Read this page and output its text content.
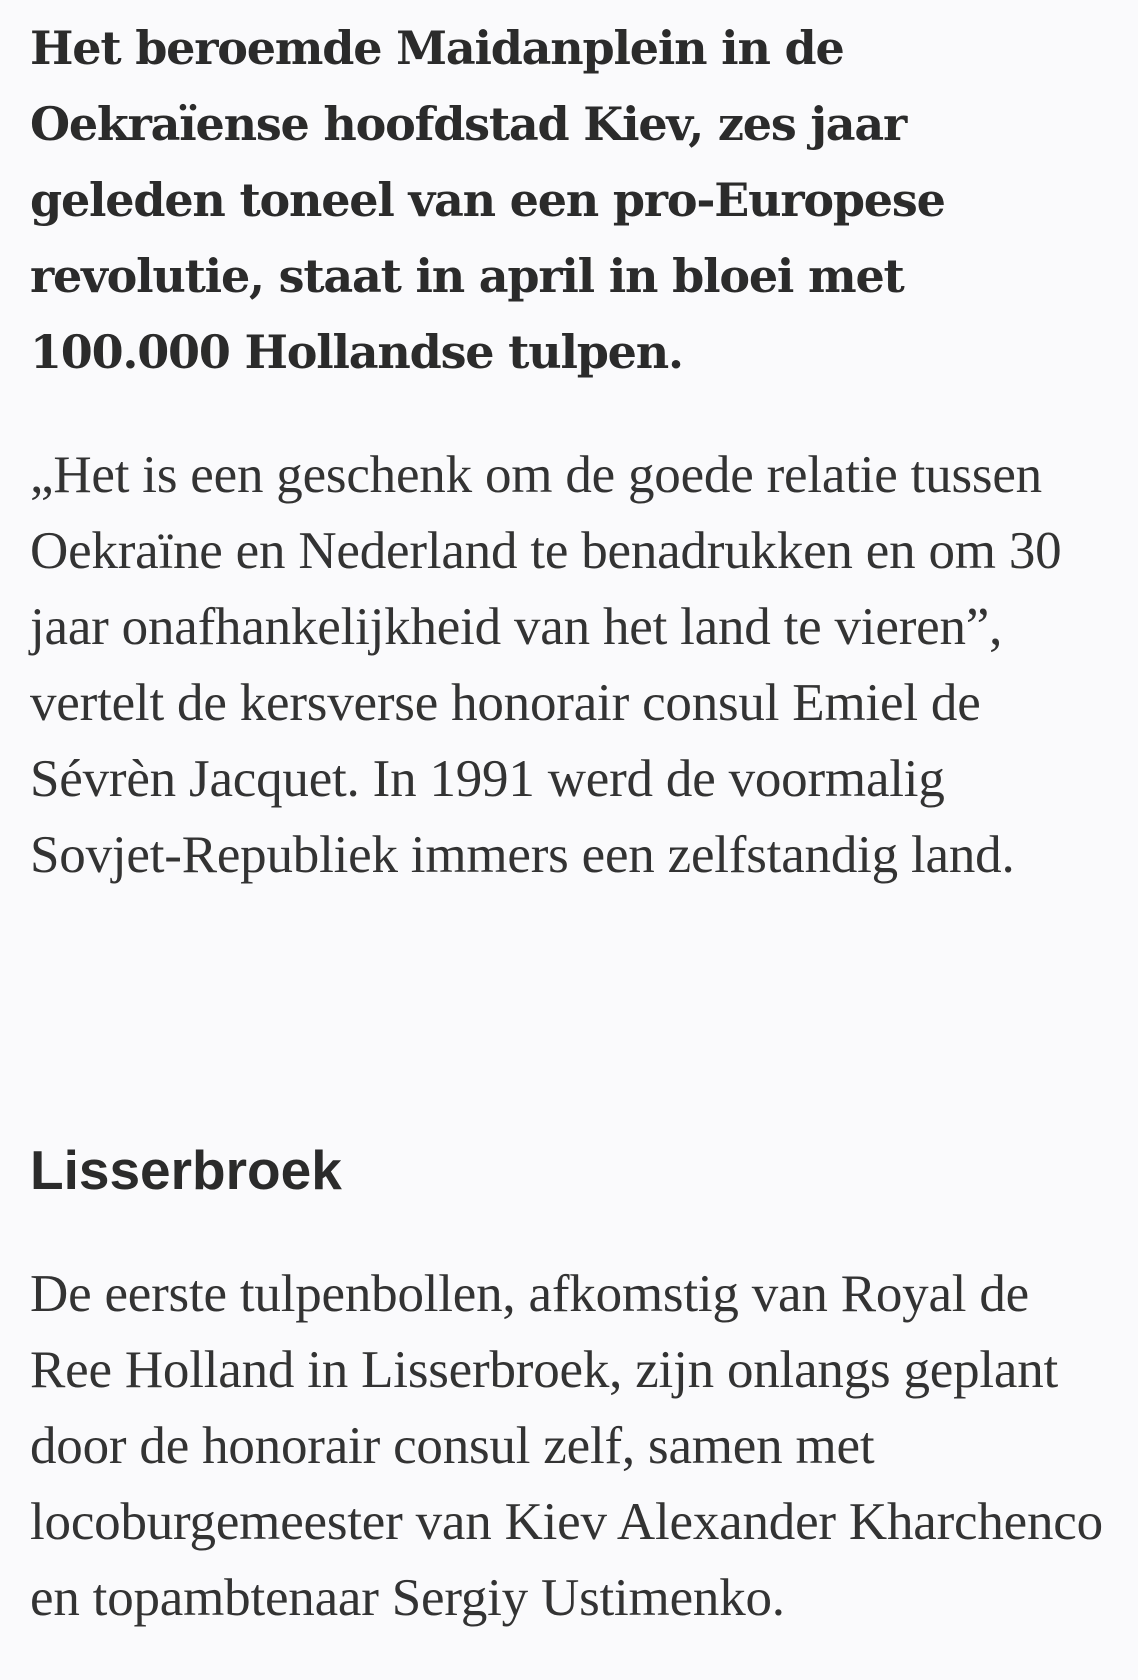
Het beroemde Maidanplein in de Oekraïense hoofdstad Kiev, zes jaar geleden toneel van een pro-Europese revolutie, staat in april in bloei met 100.000 Hollandse tulpen.

„Het is een geschenk om de goede relatie tussen Oekraïne en Nederland te benadrukken en om 30 jaar onafhankelijkheid van het land te vieren”, vertelt de kersverse honorair consul Emiel de Sévrèn Jacquet. In 1991 werd de voormalig Sovjet-Republiek immers een zelfstandig land.

Lisserbroek

De eerste tulpenbollen, afkomstig van Royal de Ree Holland in Lisserbroek, zijn onlangs geplant door de honorair consul zelf, samen met locoburgemeester van Kiev Alexander Kharchenco en topambtenaar Sergiy Ustimenko.
